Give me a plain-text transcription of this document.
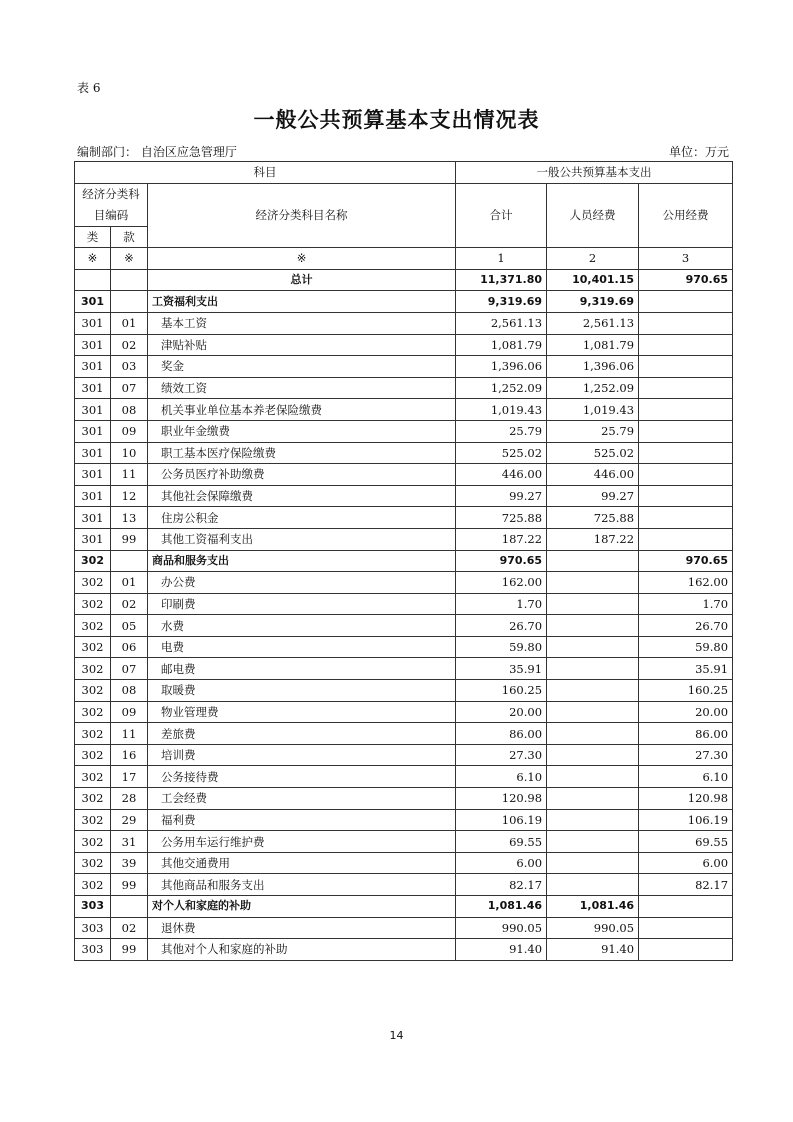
表 6
一般公共预算基本支出情况表
编制部门： 自治区应急管理厅	单位：万元
科目			一般公共预算基本支出		
经济分类科目编码		经济分类科目名称	合计	人员经费	公用经费

类	款				
※	※	※	1	2	3
		总计	11,371.80	10,401.15	970.65
301		工资福利支出	9,319.69	9,319.69	
301	01	基本工资	2,561.13	2,561.13	
301	02	津贴补贴	1,081.79	1,081.79	
301	03	奖金	1,396.06	1,396.06	
301	07	绩效工资	1,252.09	1,252.09	
301	08	机关事业单位基本养老保险缴费	1,019.43	1,019.43	
301	09	职业年金缴费	25.79	25.79	
301	10	职工基本医疗保险缴费	525.02	525.02	
301	11	公务员医疗补助缴费	446.00	446.00	
301	12	其他社会保障缴费	99.27	99.27	
301	13	住房公积金	725.88	725.88	
301	99	其他工资福利支出	187.22	187.22	
302		商品和服务支出	970.65		970.65
302	01	办公费	162.00		162.00
302	02	印刷费	1.70		1.70
302	05	水费	26.70		26.70
302	06	电费	59.80		59.80
302	07	邮电费	35.91		35.91
302	08	取暖费	160.25		160.25
302	09	物业管理费	20.00		20.00
302	11	差旅费	86.00		86.00
302	16	培训费	27.30		27.30
302	17	公务接待费	6.10		6.10
302	28	工会经费	120.98		120.98
302	29	福利费	106.19		106.19
302	31	公务用车运行维护费	69.55		69.55
302	39	其他交通费用	6.00		6.00
302	99	其他商品和服务支出	82.17		82.17
303		对个人和家庭的补助	1,081.46	1,081.46	
303	02	退休费	990.05	990.05	
303	99	其他对个人和家庭的补助	91.40	91.40	
14
